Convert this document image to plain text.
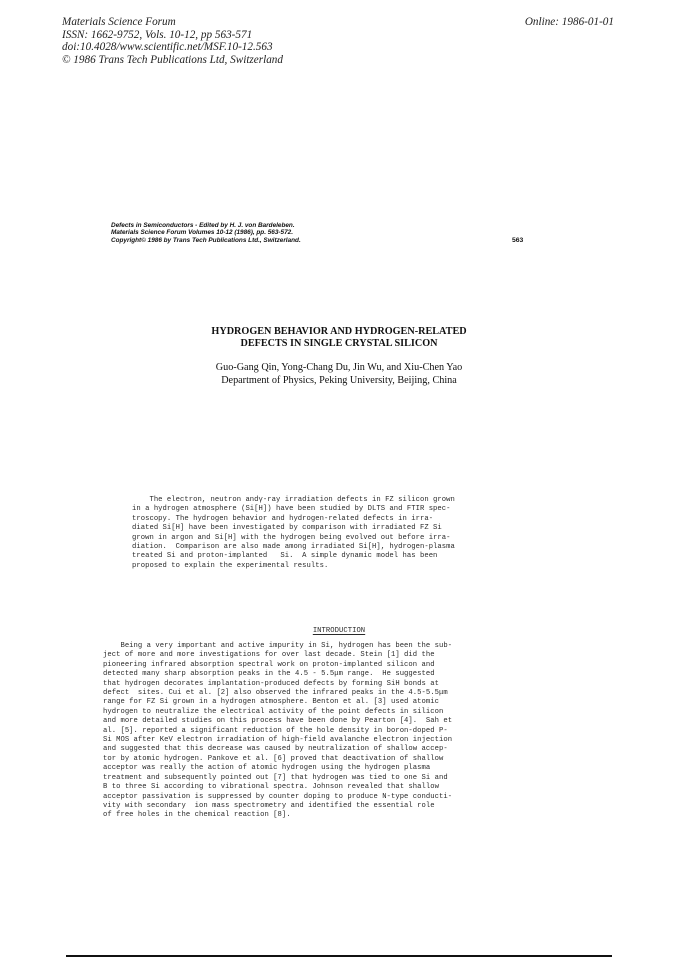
Materials Science Forum
ISSN: 1662-9752, Vols. 10-12, pp 563-571
doi:10.4028/www.scientific.net/MSF.10-12.563
© 1986 Trans Tech Publications Ltd, Switzerland
Online: 1986-01-01
Defects in Semiconductors - Edited by H. J. von Bardeleben.
Materials Science Forum Volumes 10-12 (1986), pp. 563-572.
Copyright© 1986 by Trans Tech Publications Ltd., Switzerland.	563
HYDROGEN BEHAVIOR AND HYDROGEN-RELATED
DEFECTS IN SINGLE CRYSTAL SILICON
Guo-Gang Qin, Yong-Chang Du, Jin Wu, and Xiu-Chen Yao
Department of Physics, Peking University, Beijing, China
The electron, neutron andγ-ray irradiation defects in FZ silicon grown
in a hydrogen atmosphere (Si[H]) have been studied by DLTS and FTIR spec-
troscopy. The hydrogen behavior and hydrogen-related defects in irra-
diated Si[H] have been investigated by comparison with irradiated FZ Si
grown in argon and Si[H] with the hydrogen being evolved out before irra-
diation.  Comparison are also made among irradiated Si[H], hydrogen-plasma
treated Si and proton-implanted   Si.  A simple dynamic model has been
proposed to explain the experimental results.
INTRODUCTION
Being a very important and active impurity in Si, hydrogen has been the sub-
ject of more and more investigations for over last decade. Stein [1] did the
pioneering infrared absorption spectral work on proton-implanted silicon and
detected many sharp absorption peaks in the 4.5 - 5.5μm range.  He suggested
that hydrogen decorates implantation-produced defects by forming SiH bonds at
defect  sites. Cui et al. [2] also observed the infrared peaks in the 4.5-5.5μm
range for FZ Si grown in a hydrogen atmosphere. Benton et al. [3] used atomic
hydrogen to neutralize the electrical activity of the point defects in silicon
and more detailed studies on this process have been done by Pearton [4].  Sah et
al. [5]. reported a significant reduction of the hole density in boron-doped P-
Si MOS after KeV electron irradiation of high-field avalanche electron injection
and suggested that this decrease was caused by neutralization of shallow accep-
tor by atomic hydrogen. Pankove et al. [6] proved that deactivation of shallow
acceptor was really the action of atomic hydrogen using the hydrogen plasma
treatment and subsequently pointed out [7] that hydrogen was tied to one Si and
B to three Si according to vibrational spectra. Johnson revealed that shallow
acceptor passivation is suppressed by counter doping to produce N-type conducti-
vity with secondary  ion mass spectrometry and identified the essential role
of free holes in the chemical reaction [8].
